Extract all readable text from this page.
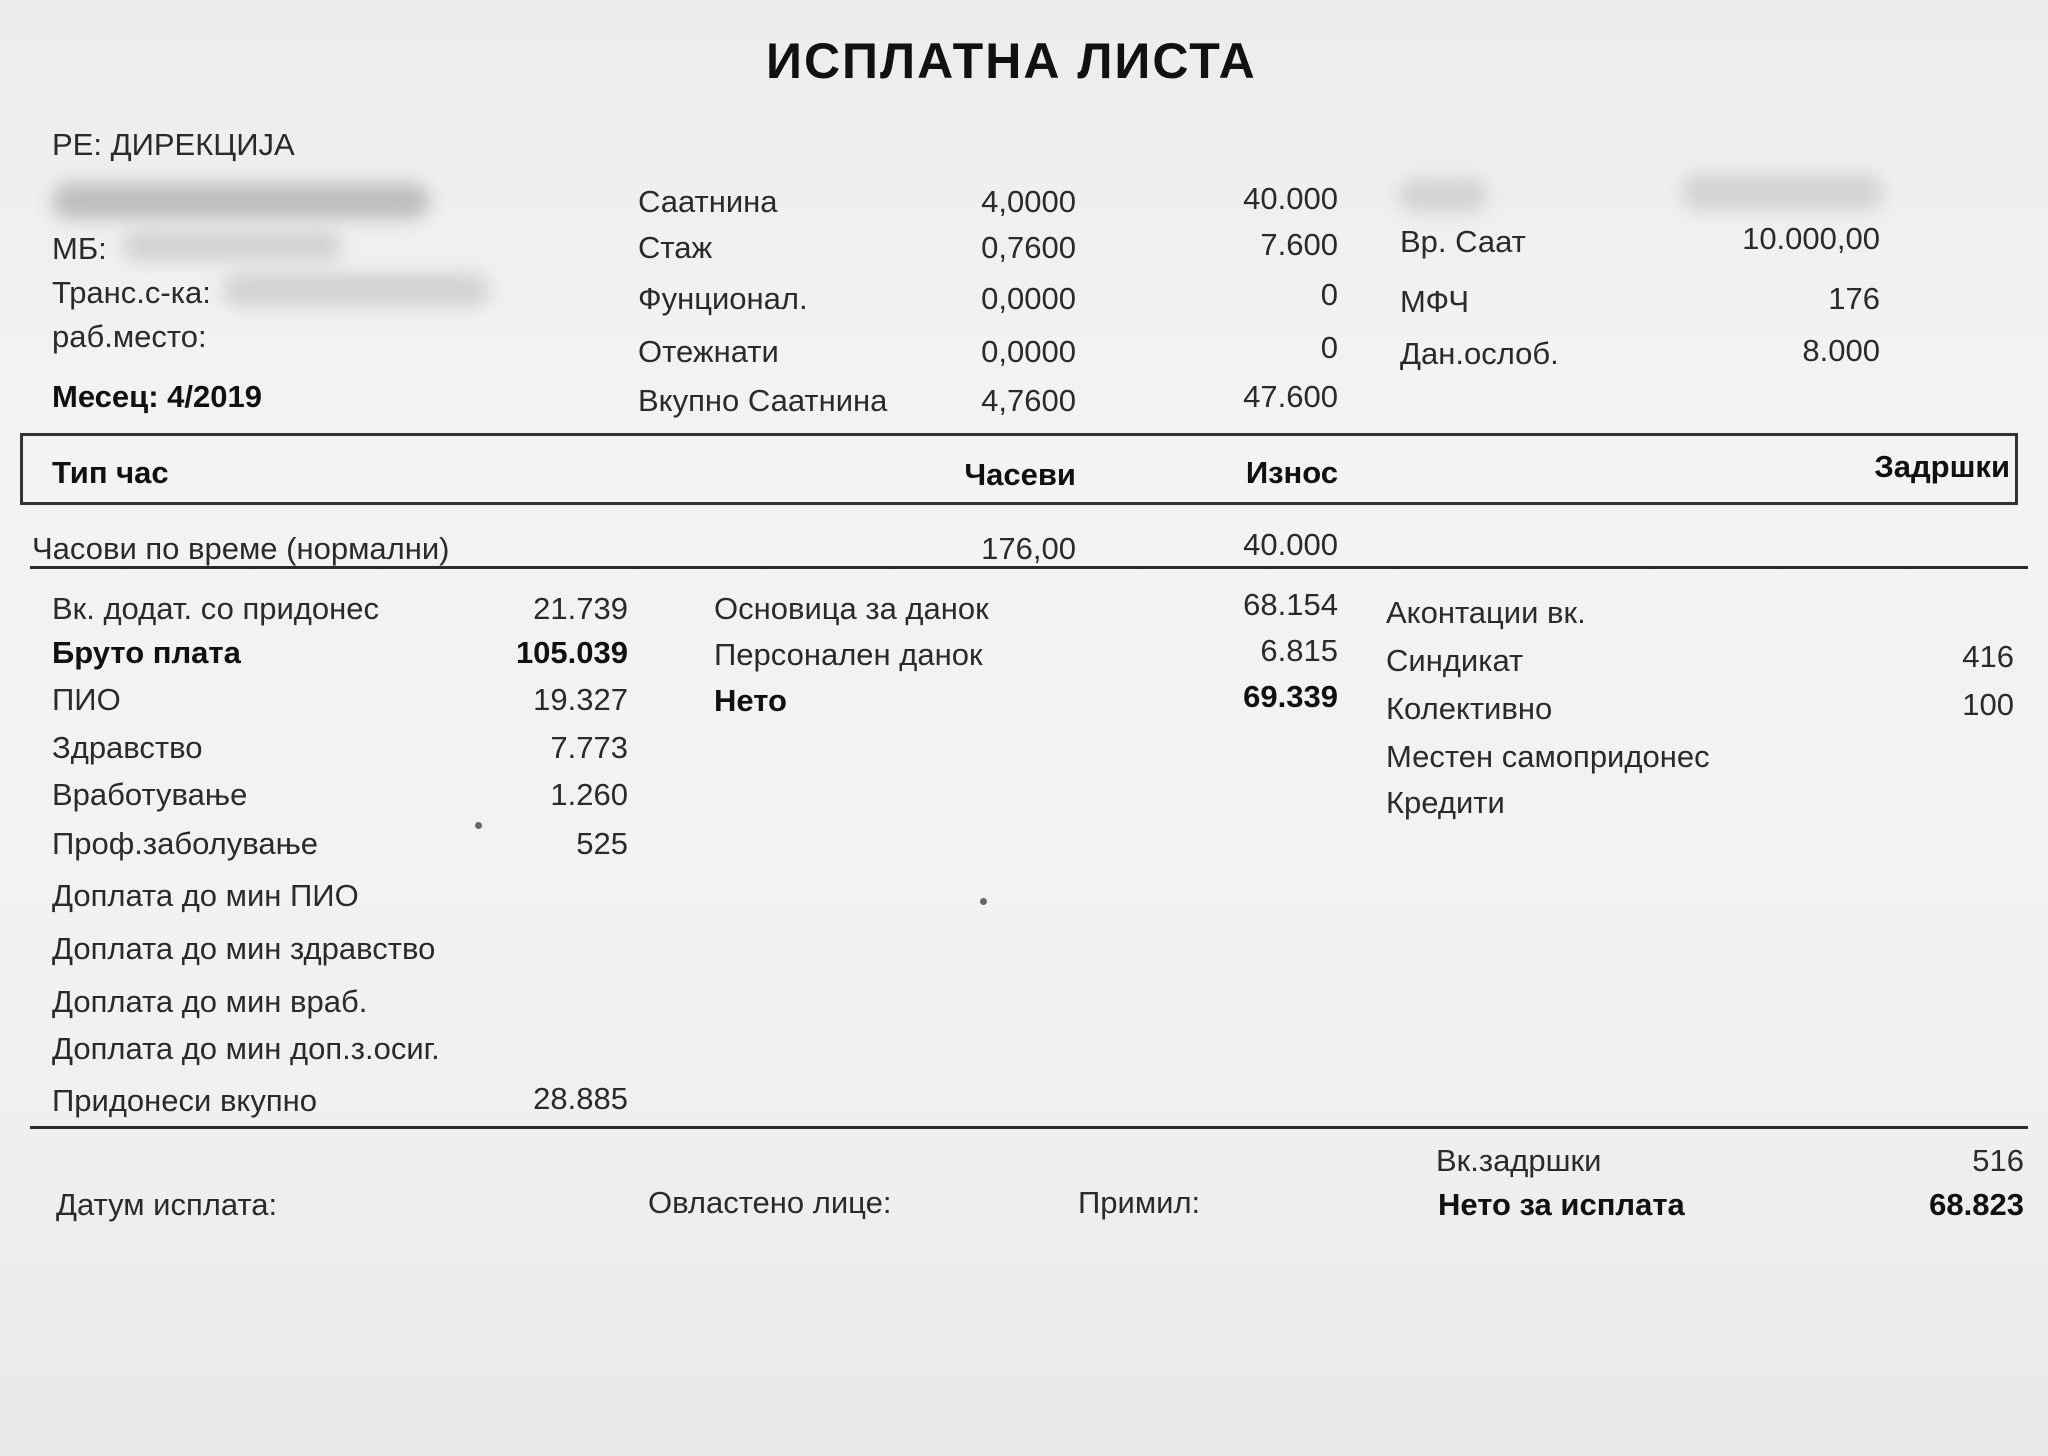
ИСПЛАТНА ЛИСТА
РЕ: ДИРЕКЦИЈА
МБ:
Транс.с-ка:
раб.место:
Месец: 4/2019
Саатнина	4,0000	40.000
Стаж	0,7600	7.600
Фунционал.	0,0000	0
Отежнати	0,0000	0
Вкупно Саатнина	4,7600	47.600
Вр. Саат	10.000,00
МФЧ	176
Дан.ослоб.	8.000
Тип час	Часеви	Износ	Задршки
Часови по време (нормални)	176,00	40.000
Вк. додат. со придонес	21.739
Бруто плата	105.039
ПИО	19.327
Здравство	7.773
Вработување	1.260
Проф.заболување	525
Доплата до мин ПИО
Доплата до мин здравство
Доплата до мин враб.
Доплата до мин доп.з.осиг.
Придонеси вкупно	28.885
Основица за данок	68.154
Персонален данок	6.815
Нето	69.339
Аконтации вк.
Синдикат	416
Колективно	100
Местен самопридонес
Кредити
Вк.задршки	516
Датум исплата:	Овластено лице:	Примил:	Нето за исплата	68.823
